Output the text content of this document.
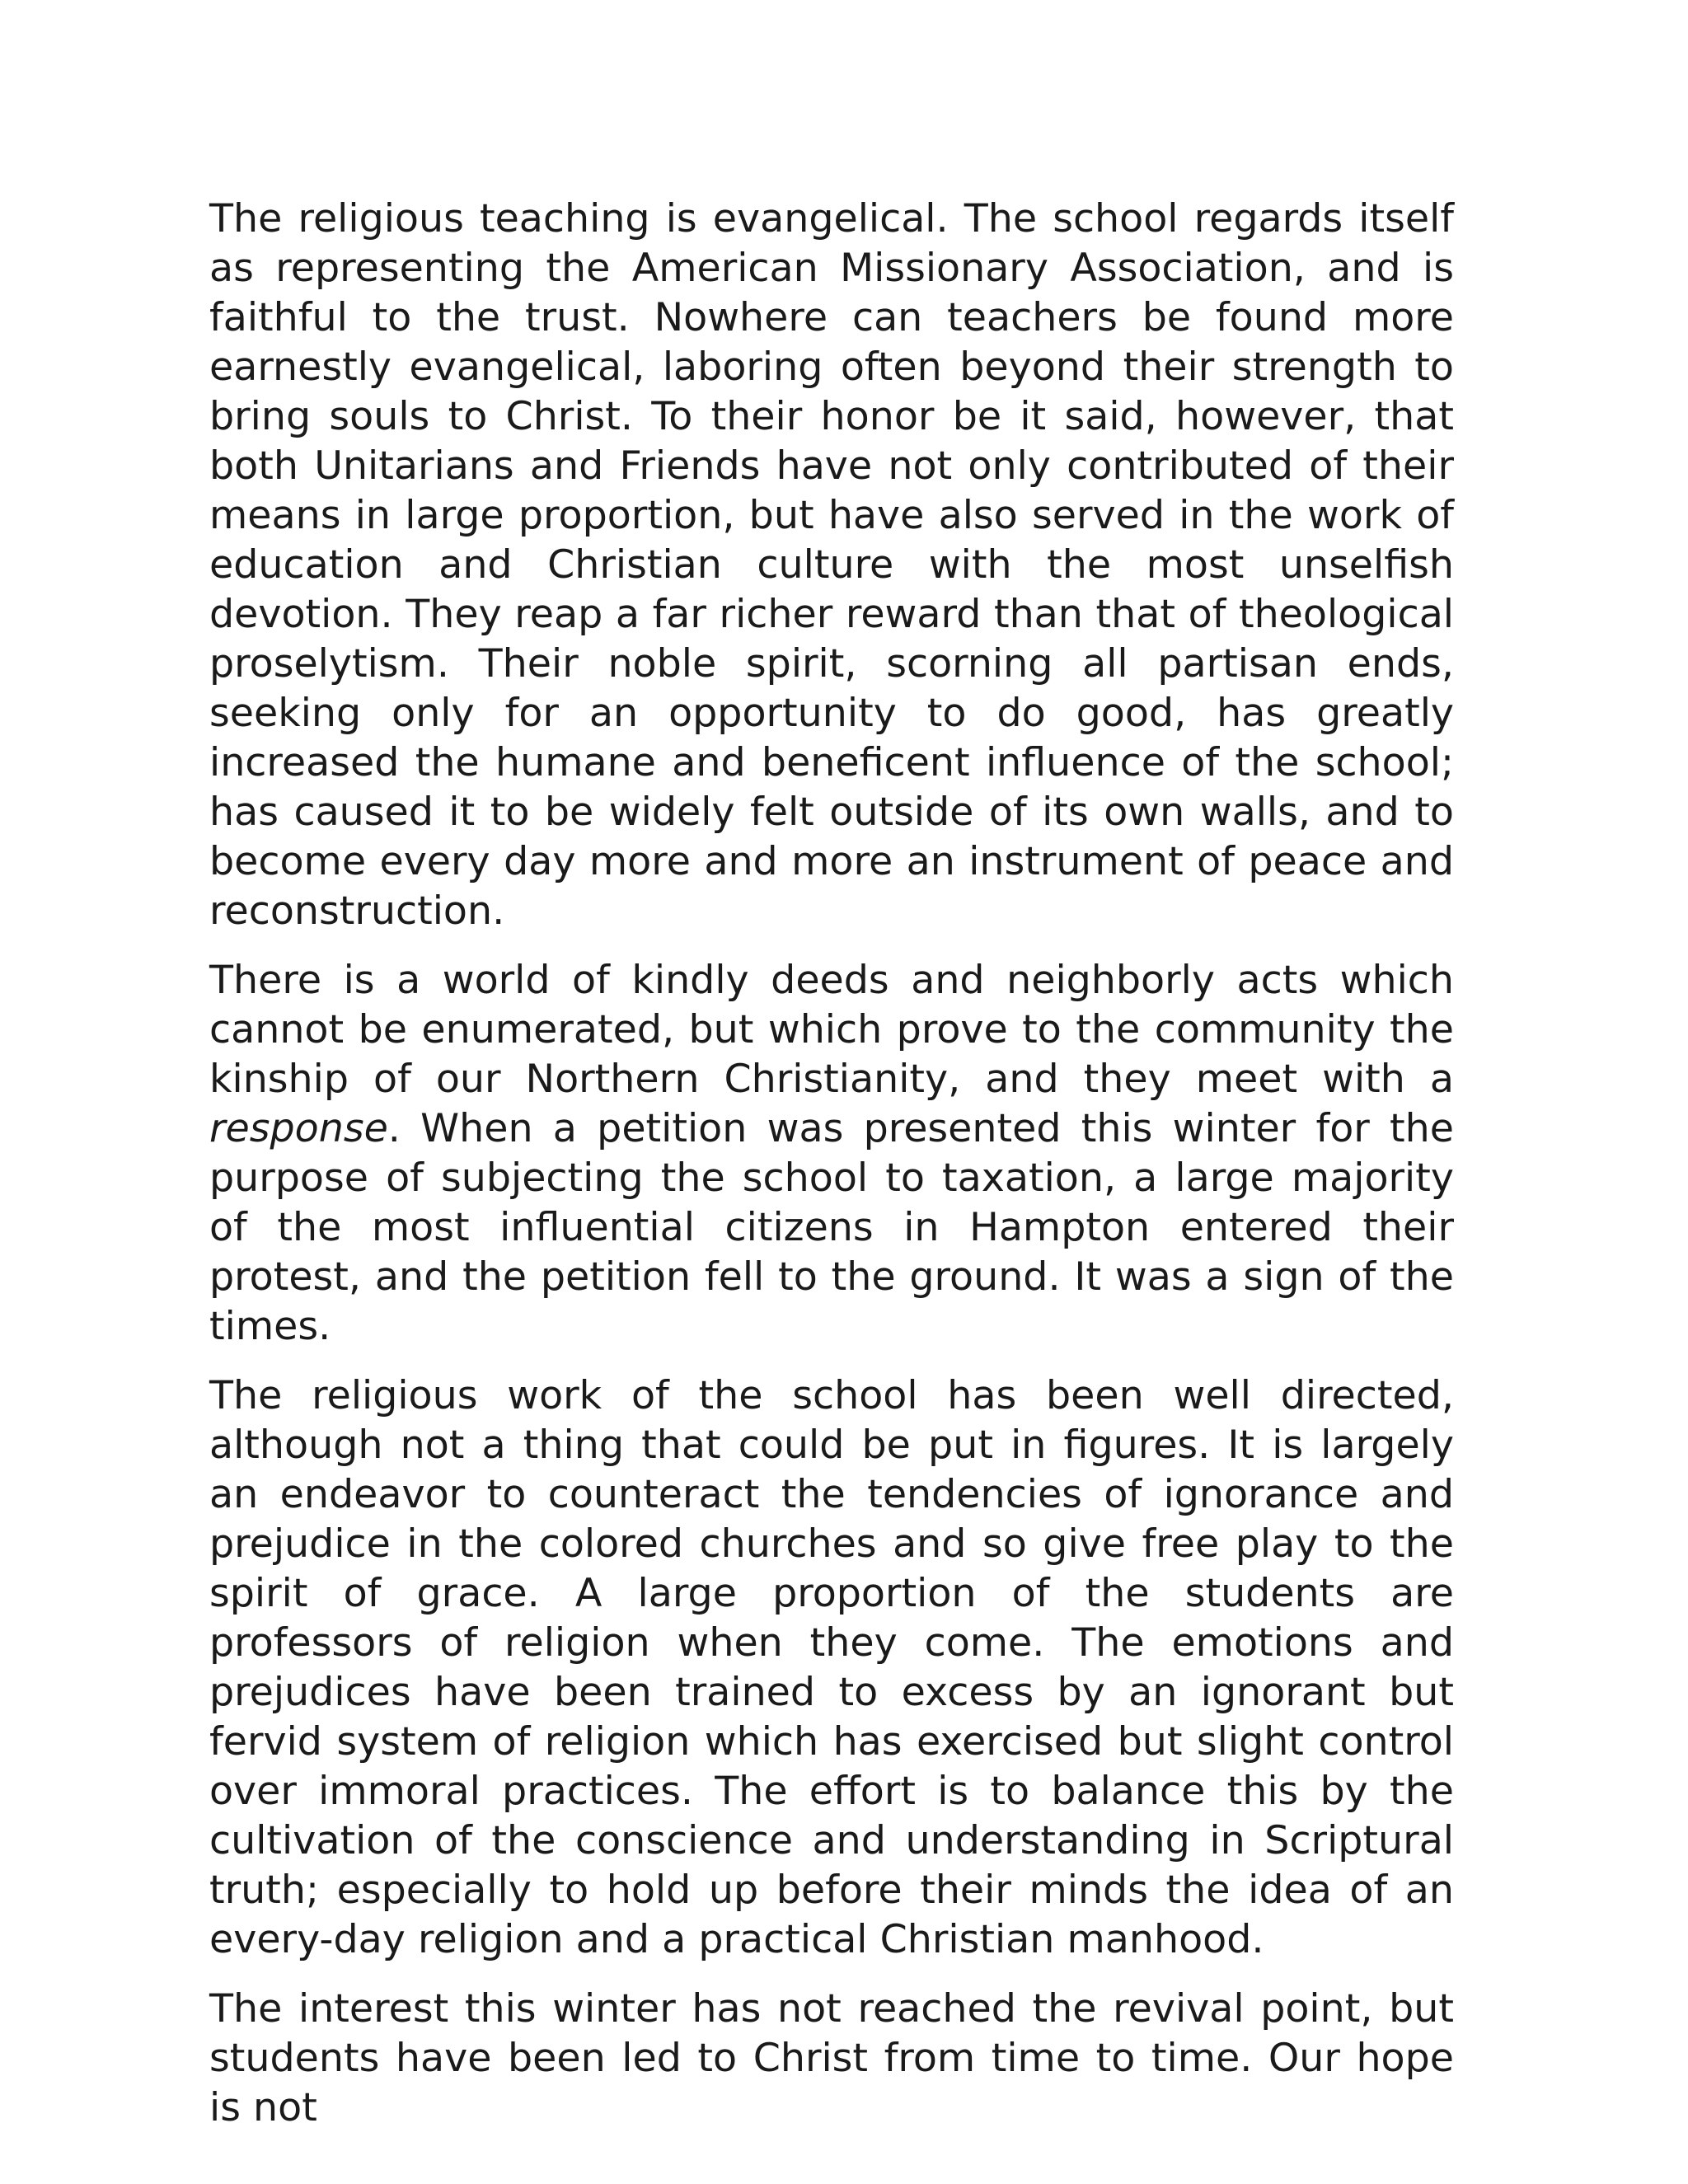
The religious teaching is evangelical. The school regards itself as representing the American Missionary Association, and is faithful to the trust. Nowhere can teachers be found more earnestly evangelical, laboring often beyond their strength to bring souls to Christ. To their honor be it said, however, that both Unitarians and Friends have not only contributed of their means in large proportion, but have also served in the work of education and Christian culture with the most unselfish devotion. They reap a far richer reward than that of theological proselytism. Their noble spirit, scorning all partisan ends, seeking only for an opportunity to do good, has greatly increased the humane and beneficent influence of the school; has caused it to be widely felt outside of its own walls, and to become every day more and more an instrument of peace and reconstruction.

There is a world of kindly deeds and neighborly acts which cannot be enumerated, but which prove to the community the kinship of our Northern Christianity, and they meet with a response. When a petition was presented this winter for the purpose of subjecting the school to taxation, a large majority of the most influential citizens in Hampton entered their protest, and the petition fell to the ground. It was a sign of the times.

The religious work of the school has been well directed, although not a thing that could be put in figures. It is largely an endeavor to counteract the tendencies of ignorance and prejudice in the colored churches and so give free play to the spirit of grace. A large proportion of the students are professors of religion when they come. The emotions and prejudices have been trained to excess by an ignorant but fervid system of religion which has exercised but slight control over immoral practices. The effort is to balance this by the cultivation of the conscience and understanding in Scriptural truth; especially to hold up before their minds the idea of an every-day religion and a practical Christian manhood.

The interest this winter has not reached the revival point, but students have been led to Christ from time to time. Our hope is not
